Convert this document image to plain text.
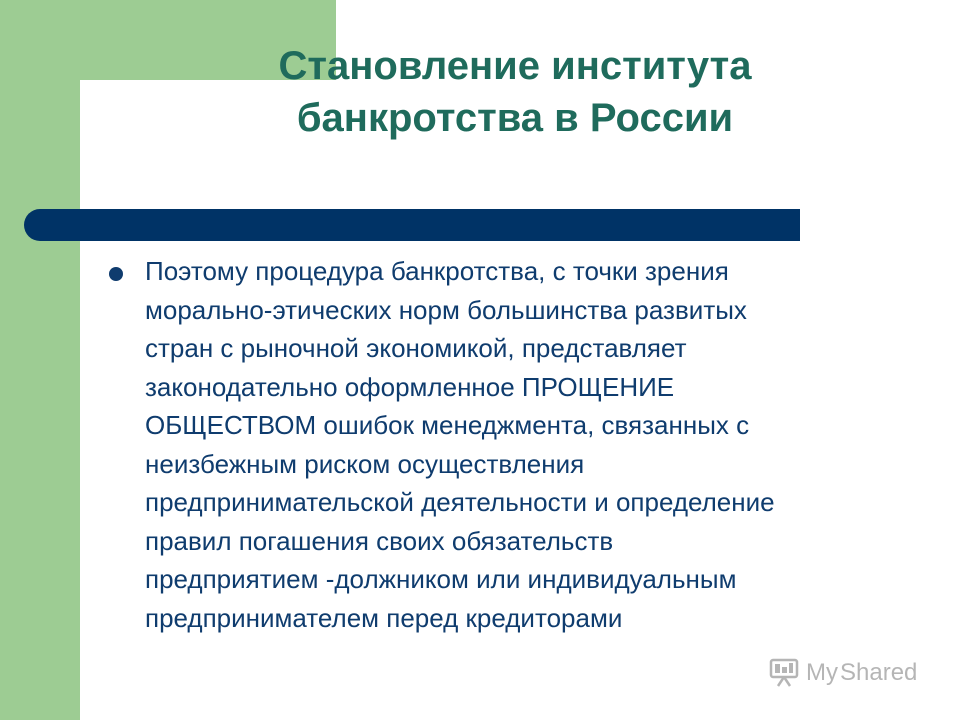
Становление института
банкротства в России
Поэтому процедура банкротства, с точки зрения
морально-этических норм большинства развитых
стран с рыночной экономикой, представляет
законодательно оформленное ПРОЩЕНИЕ
ОБЩЕСТВОМ ошибок менеджмента, связанных с
неизбежным риском осуществления
предпринимательской деятельности и определение
правил погашения своих обязательств
предприятием -должником или индивидуальным
предпринимателем перед кредиторами
My Shared
